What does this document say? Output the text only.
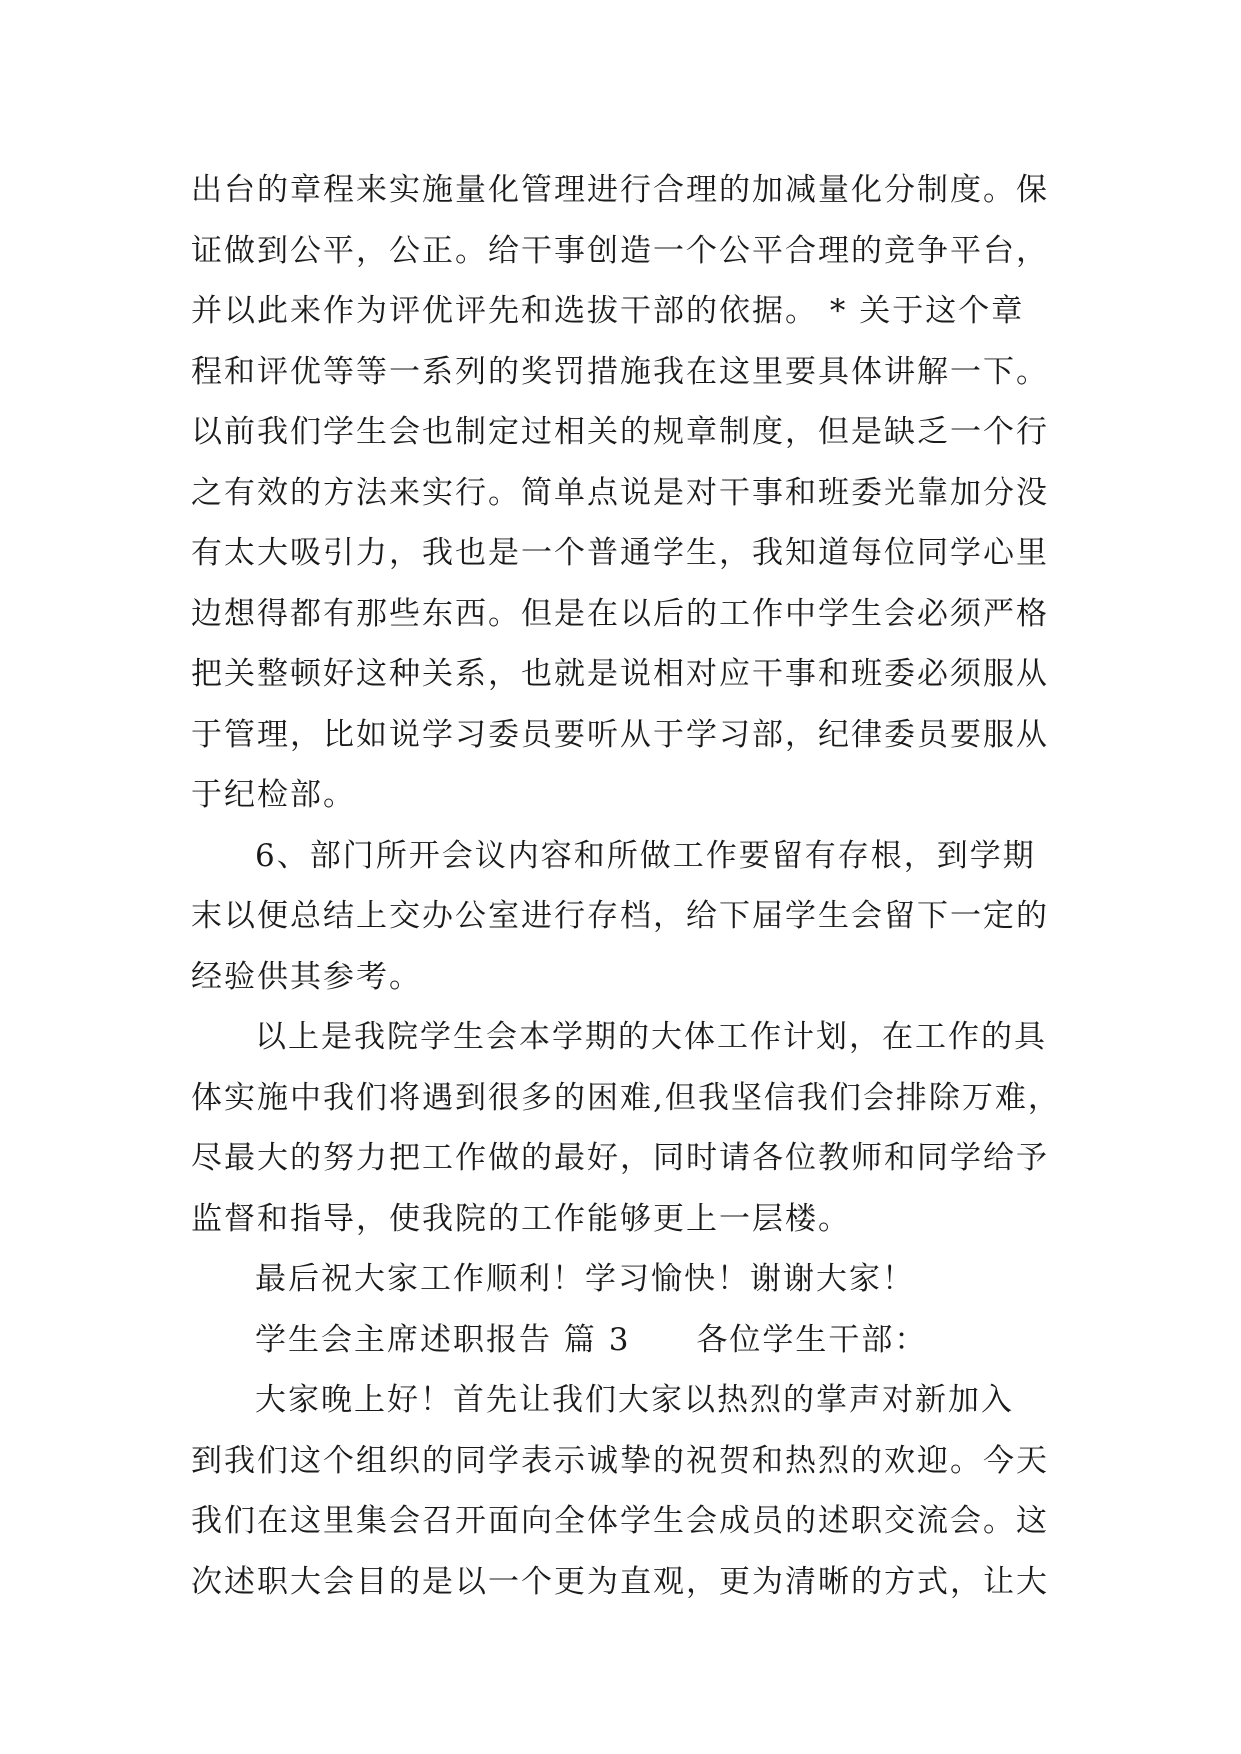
出台的章程来实施量化管理进行合理的加减量化分制度。保
证做到公平，公正。给干事创造一个公平合理的竞争平台，
并以此来作为评优评先和选拔干部的依据。 * 关于这个章
程和评优等等一系列的奖罚措施我在这里要具体讲解一下。
以前我们学生会也制定过相关的规章制度，但是缺乏一个行
之有效的方法来实行。简单点说是对干事和班委光靠加分没
有太大吸引力，我也是一个普通学生，我知道每位同学心里
边想得都有那些东西。但是在以后的工作中学生会必须严格
把关整顿好这种关系，也就是说相对应干事和班委必须服从
于管理，比如说学习委员要听从于学习部，纪律委员要服从
于纪检部。
6、部门所开会议内容和所做工作要留有存根，到学期
末以便总结上交办公室进行存档，给下届学生会留下一定的
经验供其参考。
以上是我院学生会本学期的大体工作计划，在工作的具
体实施中我们将遇到很多的困难,但我坚信我们会排除万难，
尽最大的努力把工作做的最好，同时请各位教师和同学给予
监督和指导，使我院的工作能够更上一层楼。
最后祝大家工作顺利！学习愉快！谢谢大家！
学生会主席述职报告 篇 3　　各位学生干部：
大家晚上好！首先让我们大家以热烈的掌声对新加入
到我们这个组织的同学表示诚挚的祝贺和热烈的欢迎。今天
我们在这里集会召开面向全体学生会成员的述职交流会。这
次述职大会目的是以一个更为直观，更为清晰的方式，让大
